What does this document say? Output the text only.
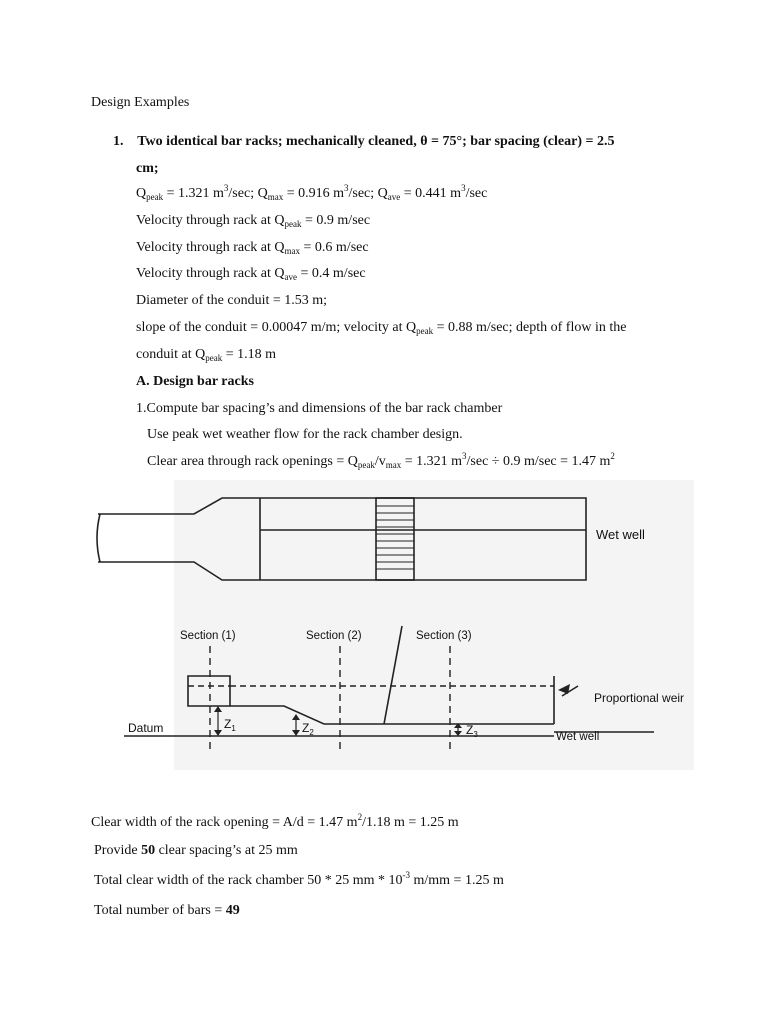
Design Examples
1. Two identical bar racks; mechanically cleaned, θ = 75°; bar spacing (clear) = 2.5
cm;
$Q_{peak} = 1.321$ $m^3/\sec$; $Q_{max} = 0.916$ $m^3/\sec$; $Q_{ave} = 0.441$ $m^3/\sec$
Velocity through rack at $Q_{peak} = 0.9$ m/sec
Velocity through rack at $Q_{max} = 0.6$ m/sec
Velocity through rack at $Q_{ave} = 0.4$ m/sec
Diameter of the conduit = 1.53 m;
slope of the conduit = 0.00047 m/m; velocity at $Q_{peak} = 0.88$ m/sec; depth of flow in the
conduit at $Q_{peak} = 1.18$ m
A. Design bar racks
1.Compute bar spacing’s and dimensions of the bar rack chamber
Use peak wet weather flow for the rack chamber design.
Clear area through rack openings = $Q_{peak}/v_{max} = 1.321$ $m^3/\sec \div 0.9$ m/sec = 1.47 $m^2$
Wet well
Section (1)	Section (2)	Section (3)
Proportional weir
Datum
Wet well
$Z_1$	$Z_2$	$Z_3$
Clear width of the rack opening = A/d = 1.47 $m^2/1.18$ m = 1.25 m
Provide 50 clear spacing’s at 25 mm
Total clear width of the rack chamber 50 * 25 mm * $10^{-3}$ m/mm = 1.25 m
Total number of bars = 49
